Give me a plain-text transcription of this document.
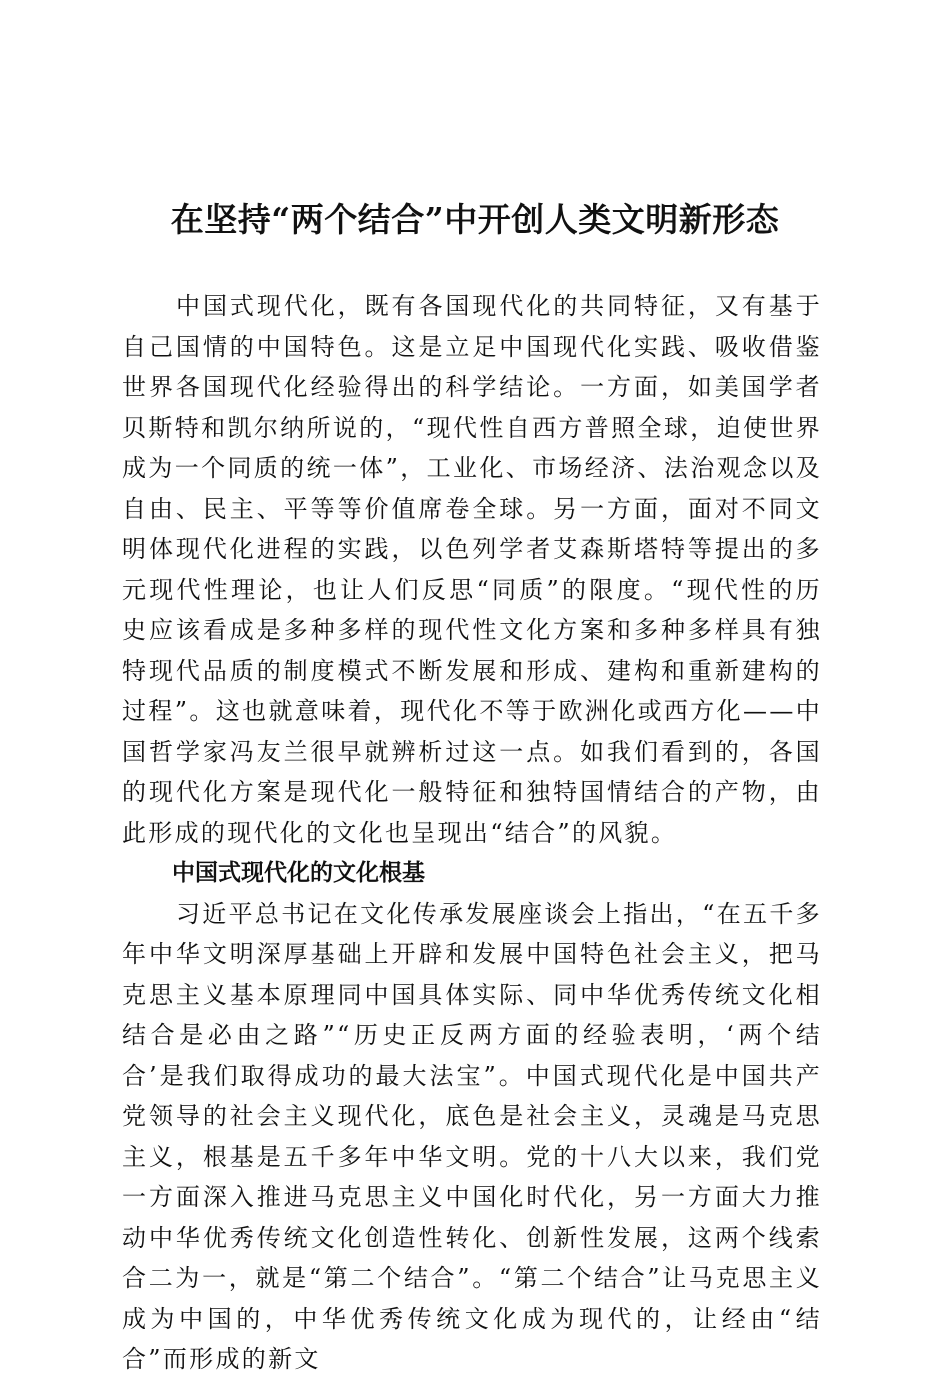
在坚持“两个结合”中开创人类文明新形态

中国式现代化，既有各国现代化的共同特征，又有基于自己国情的中国特色。这是立足中国现代化实践、吸收借鉴世界各国现代化经验得出的科学结论。一方面，如美国学者贝斯特和凯尔纳所说的，“现代性自西方普照全球，迫使世界成为一个同质的统一体”，工业化、市场经济、法治观念以及自由、民主、平等等价值席卷全球。另一方面，面对不同文明体现代化进程的实践，以色列学者艾森斯塔特等提出的多元现代性理论，也让人们反思“同质”的限度。“现代性的历史应该看成是多种多样的现代性文化方案和多种多样具有独特现代品质的制度模式不断发展和形成、建构和重新建构的过程”。这也就意味着，现代化不等于欧洲化或西方化——中国哲学家冯友兰很早就辨析过这一点。如我们看到的，各国的现代化方案是现代化一般特征和独特国情结合的产物，由此形成的现代化的文化也呈现出“结合”的风貌。

中国式现代化的文化根基

习近平总书记在文化传承发展座谈会上指出，“在五千多年中华文明深厚基础上开辟和发展中国特色社会主义，把马克思主义基本原理同中国具体实际、同中华优秀传统文化相结合是必由之路”“历史正反两方面的经验表明，‘两个结合’是我们取得成功的最大法宝”。中国式现代化是中国共产党领导的社会主义现代化，底色是社会主义，灵魂是马克思主义，根基是五千多年中华文明。党的十八大以来，我们党一方面深入推进马克思主义中国化时代化，另一方面大力推动中华优秀传统文化创造性转化、创新性发展，这两个线索合二为一，就是“第二个结合”。“第二个结合”让马克思主义成为中国的，中华优秀传统文化成为现代的，让经由“结合”而形成的新文
